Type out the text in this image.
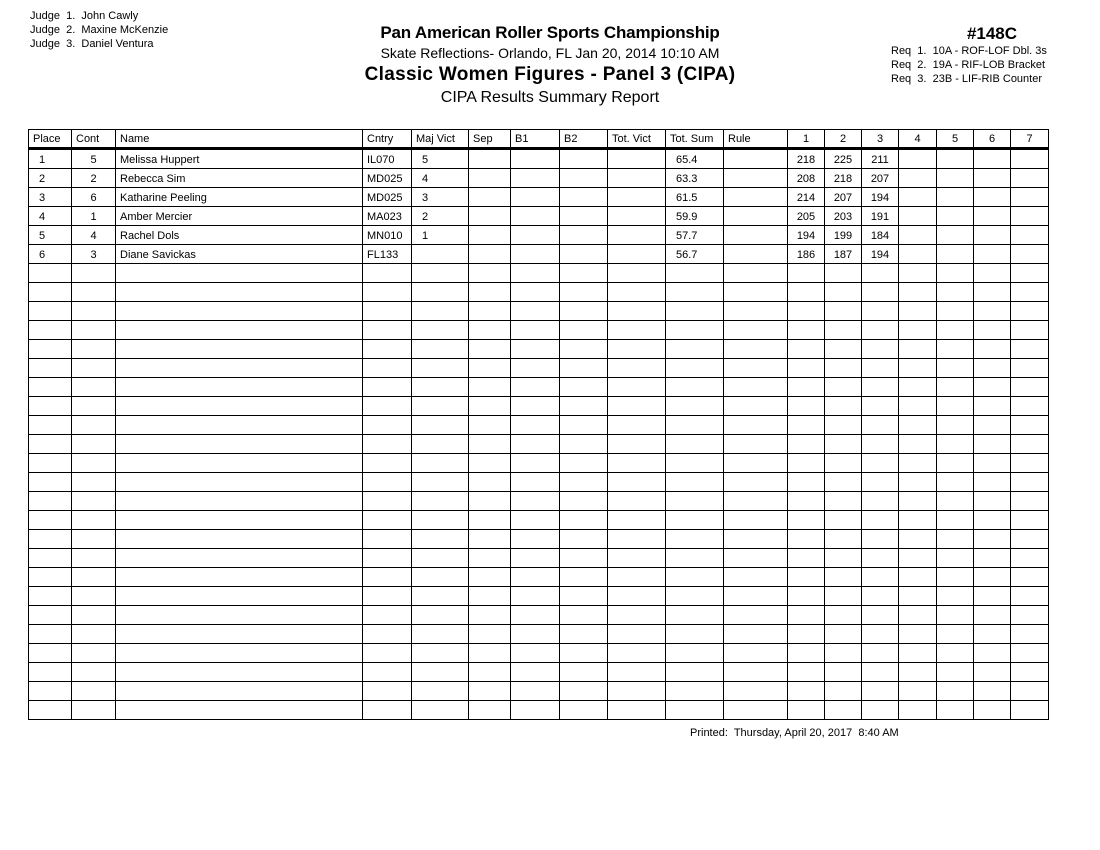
Judge  1.  John Cawly
Judge  2.  Maxine McKenzie
Judge  3.  Daniel Ventura
Pan American Roller Sports Championship
Skate Reflections- Orlando, FL Jan 20, 2014 10:10 AM
Classic Women Figures - Panel 3 (CIPA)
CIPA Results Summary Report
#148C
Req  1.  10A - ROF-LOF Dbl. 3s
Req  2.  19A - RIF-LOB Bracket
Req  3.  23B - LIF-RIB Counter
Place	Cont	Name	Cntry	Maj Vict	Sep	B1	B2	Tot. Vict	Tot. Sum	Rule	1	2	3	4	5	6	7
1	5	Melissa Huppert	IL070	5					65.4		218	225	211				
2	2	Rebecca Sim	MD025	4					63.3		208	218	207				
3	6	Katharine Peeling	MD025	3					61.5		214	207	194				
4	1	Amber Mercier	MA023	2					59.9		205	203	191				
5	4	Rachel Dols	MN010	1					57.7		194	199	184				
6	3	Diane Savickas	FL133						56.7		186	187	194				

Printed:  Thursday, April 20, 2017  8:40 AM
